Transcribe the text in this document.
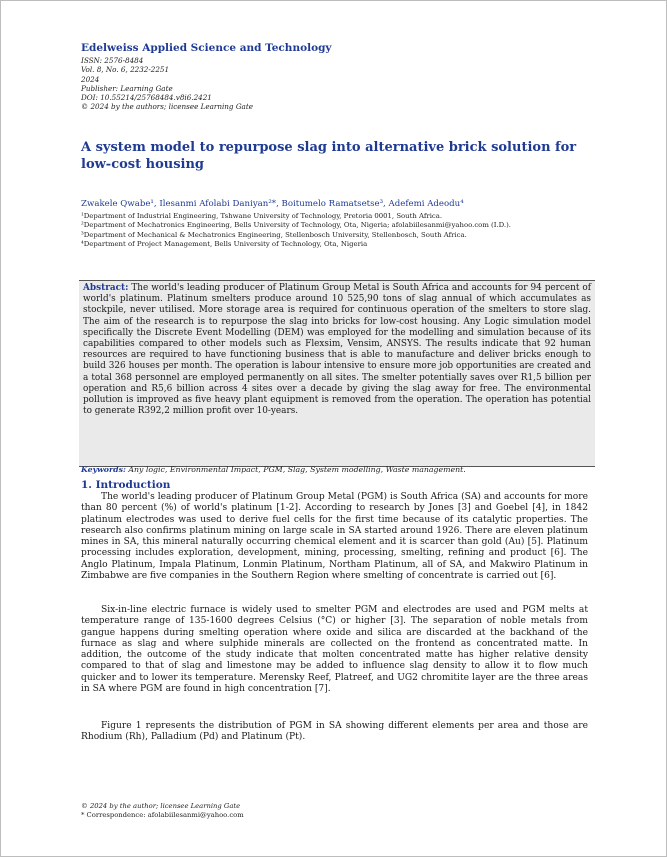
Edelweiss Applied Science and Technology
ISSN: 2576-8484
Vol. 8, No. 6, 2232-2251
2024
Publisher: Learning Gate
DOI: 10.55214/25768484.v8i6.2421
© 2024 by the authors; licensee Learning Gate
A system model to repurpose slag into alternative brick solution for low-cost housing
Zwakele Qwabe¹, Ilesanmi Afolabi Daniyan²*, Boitumelo Ramatsetse³, Adefemi Adeodu⁴
¹Department of Industrial Engineering, Tshwane University of Technology, Pretoria 0001, South Africa.
²Department of Mechatronics Engineering, Bells University of Technology, Ota, Nigeria; afolabiilesanmi@yahoo.com (I.D.).
³Department of Mechanical & Mechatronics Engineering, Stellenbosch University, Stellenbosch, South Africa.
⁴Department of Project Management, Bells University of Technology, Ota, Nigeria
Abstract: The world's leading producer of Platinum Group Metal is South Africa and accounts for 94 percent of world's platinum. Platinum smelters produce around 10 525,90 tons of slag annual of which accumulates as stockpile, never utilised. More storage area is required for continuous operation of the smelters to store slag. The aim of the research is to repurpose the slag into bricks for low-cost housing. Any Logic simulation model specifically the Discrete Event Modelling (DEM) was employed for the modelling and simulation because of its capabilities compared to other models such as Flexsim, Vensim, ANSYS. The results indicate that 92 human resources are required to have functioning business that is able to manufacture and deliver bricks enough to build 326 houses per month. The operation is labour intensive to ensure more job opportunities are created and a total 368 personnel are employed permanently on all sites. The smelter potentially saves over R1,5 billion per operation and R5,6 billion across 4 sites over a decade by giving the slag away for free. The environmental pollution is improved as five heavy plant equipment is removed from the operation. The operation has potential to generate R392,2 million profit over 10-years.
Keywords: Any logic, Environmental Impact, PGM, Slag, System modelling, Waste management.
1. Introduction
The world's leading producer of Platinum Group Metal (PGM) is South Africa (SA) and accounts for more than 80 percent (%) of world's platinum [1-2]. According to research by Jones [3] and Goebel [4], in 1842 platinum electrodes was used to derive fuel cells for the first time because of its catalytic properties. The research also confirms platinum mining on large scale in SA started around 1926. There are eleven platinum mines in SA, this mineral naturally occurring chemical element and it is scarcer than gold (Au) [5]. Platinum processing includes exploration, development, mining, processing, smelting, refining and product [6]. The Anglo Platinum, Impala Platinum, Lonmin Platinum, Northam Platinum, all of SA, and Makwiro Platinum in Zimbabwe are five companies in the Southern Region where smelting of concentrate is carried out [6].
Six-in-line electric furnace is widely used to smelter PGM and electrodes are used and PGM melts at temperature range of 135-1600 degrees Celsius (°C) or higher [3]. The separation of noble metals from gangue happens during smelting operation where oxide and silica are discarded at the backhand of the furnace as slag and where sulphide minerals are collected on the frontend as concentrated matte. In addition, the outcome of the study indicate that molten concentrated matte has higher relative density compared to that of slag and limestone may be added to influence slag density to allow it to flow much quicker and to lower its temperature. Merensky Reef, Platreef, and UG2 chromitite layer are the three areas in SA where PGM are found in high concentration [7].
Figure 1 represents the distribution of PGM in SA showing different elements per area and those are Rhodium (Rh), Palladium (Pd) and Platinum (Pt).
© 2024 by the author; licensee Learning Gate
* Correspondence: afolabiilesanmi@yahoo.com
